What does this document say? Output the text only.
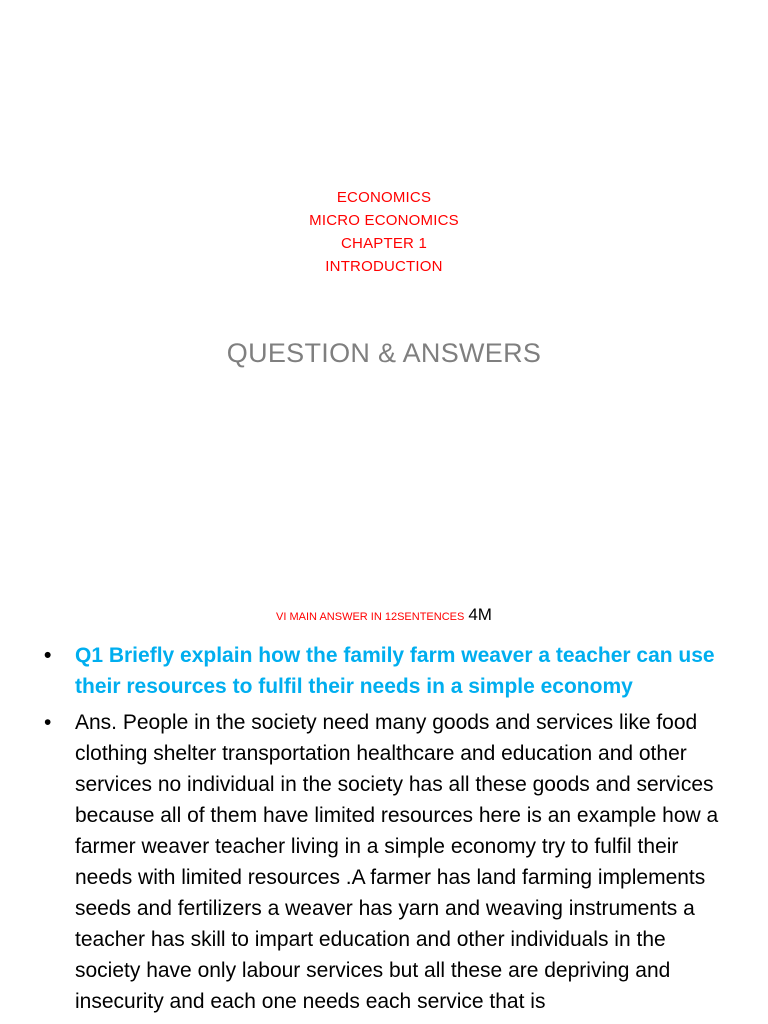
ECONOMICS
MICRO ECONOMICS
CHAPTER 1
INTRODUCTION
QUESTION & ANSWERS
VI MAIN ANSWER IN 12SENTENCES 4M
• Q1 Briefly explain how the family farm weaver a teacher can use their resources to fulfil their needs in a simple economy
• Ans. People in the society need many goods and services like food clothing shelter transportation healthcare and education and other services no individual in the society has all these goods and services because all of them have limited resources here is an example how a farmer weaver teacher living in a simple economy try to fulfil their needs with limited resources .A farmer has land farming implements seeds and fertilizers a weaver has yarn and weaving instruments a teacher has skill to impart education and other individuals in the society have only labour services but all these are depriving and insecurity and each one needs each service that is
